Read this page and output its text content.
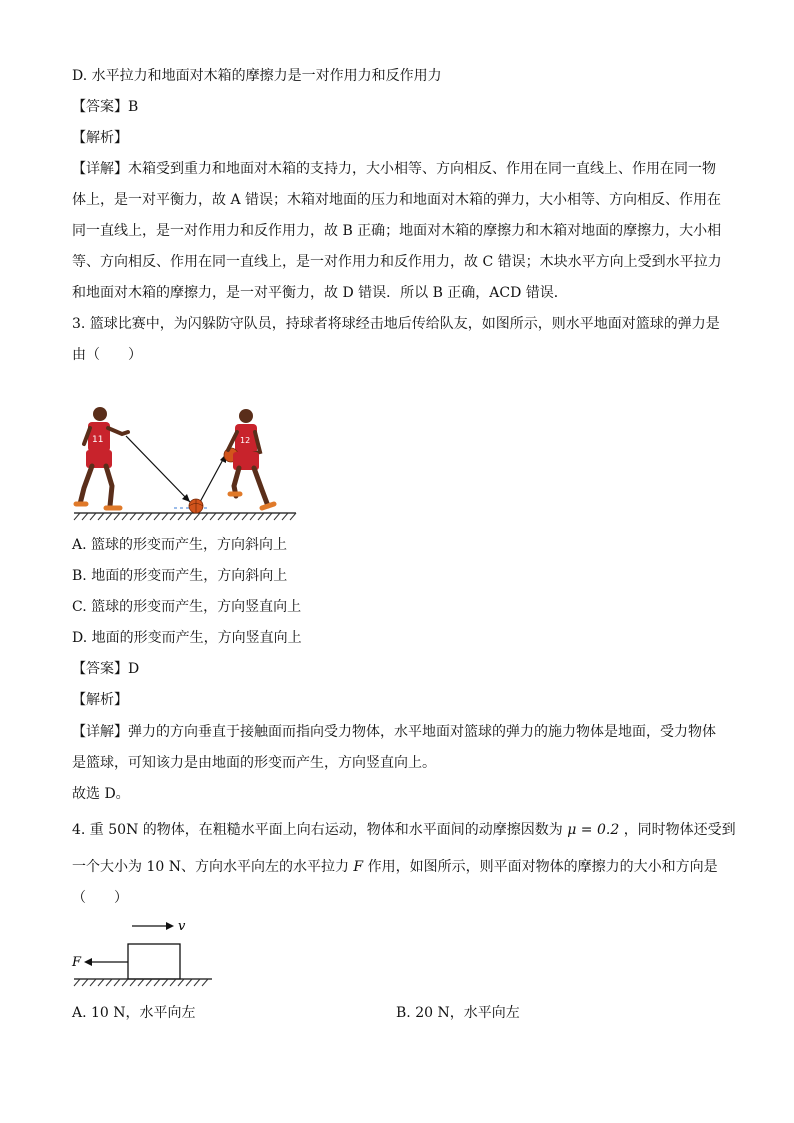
D. 水平拉力和地面对木箱的摩擦力是一对作用力和反作用力
【答案】B
【解析】
【详解】木箱受到重力和地面对木箱的支持力，大小相等、方向相反、作用在同一直线上、作用在同一物
体上，是一对平衡力，故 A 错误；木箱对地面的压力和地面对木箱的弹力，大小相等、方向相反、作用在
同一直线上，是一对作用力和反作用力，故 B 正确；地面对木箱的摩擦力和木箱对地面的摩擦力，大小相
等、方向相反、作用在同一直线上，是一对作用力和反作用力，故 C 错误；木块水平方向上受到水平拉力
和地面对木箱的摩擦力，是一对平衡力，故 D 错误．所以 B 正确，ACD 错误．
3. 篮球比赛中，为闪躲防守队员，持球者将球经击地后传给队友，如图所示，则水平地面对篮球的弹力是
由（　　）
11	12
A. 篮球的形变而产生，方向斜向上
B. 地面的形变而产生，方向斜向上
C. 篮球的形变而产生，方向竖直向上
D. 地面的形变而产生，方向竖直向上
【答案】D
【解析】
【详解】弹力的方向垂直于接触面而指向受力物体，水平地面对篮球的弹力的施力物体是地面，受力物体
是篮球，可知该力是由地面的形变而产生，方向竖直向上。
故选 D。
4. 重 50N 的物体，在粗糙水平面上向右运动，物体和水平面间的动摩擦因数为 μ = 0.2 ，同时物体还受到
一个大小为 10 N、方向水平向左的水平拉力 F 作用，如图所示，则平面对物体的摩擦力的大小和方向是
（　　）
v
F
A. 10 N，水平向左	B. 20 N，水平向左
